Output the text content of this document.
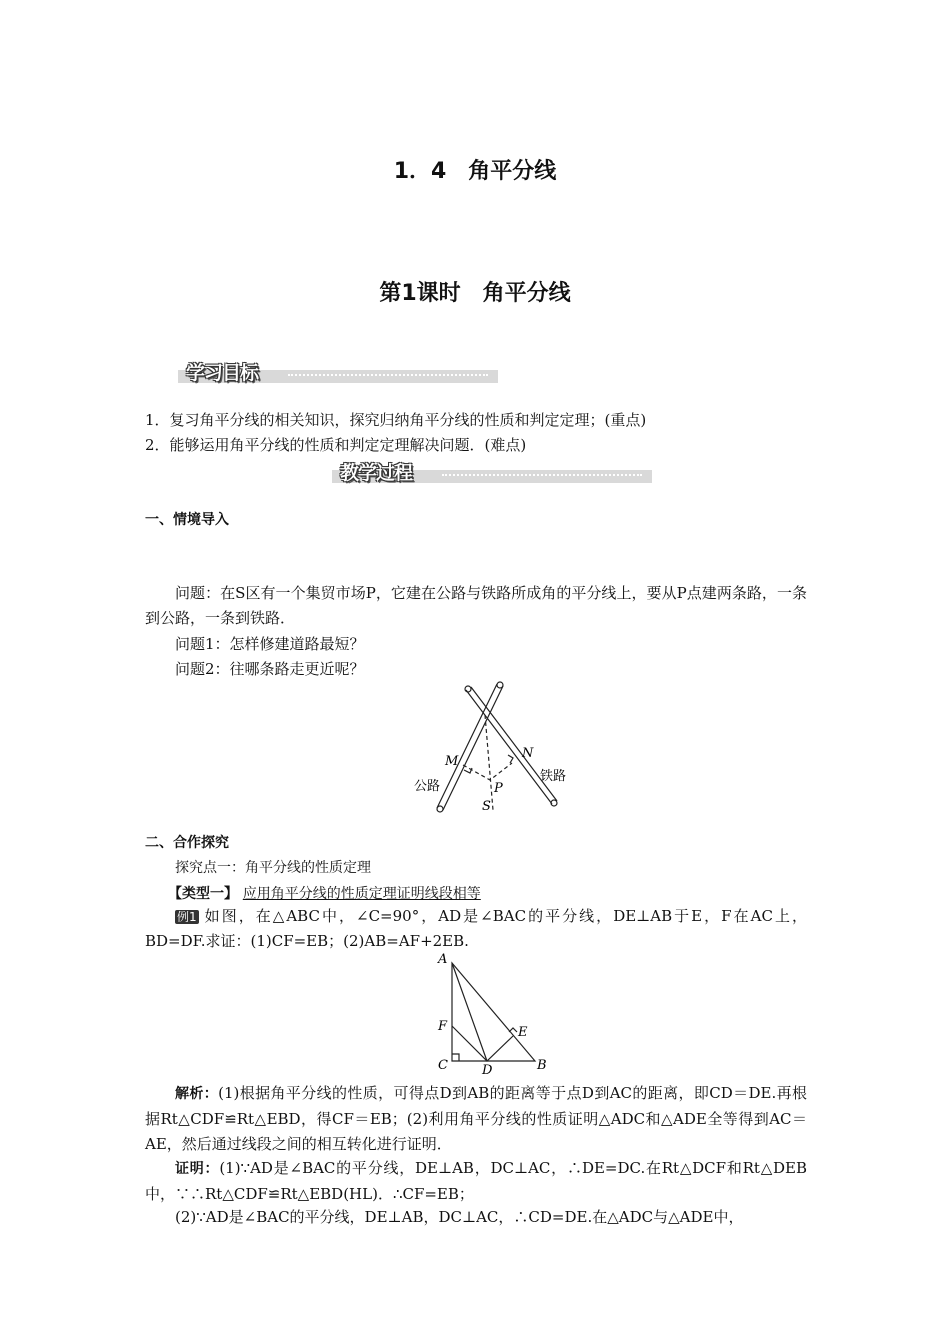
1．4　角平分线
第1课时　角平分线
学习目标
1．复习角平分线的相关知识，探究归纳角平分线的性质和判定定理；(重点)
2．能够运用角平分线的性质和判定定理解决问题．(难点)
教学过程
一、情境导入
问题：在S区有一个集贸市场P，它建在公路与铁路所成角的平分线上，要从P点建两条路，一条到公路，一条到铁路．
问题1：怎样修建道路最短？
问题2：往哪条路走更近呢？
M
N
P
S
公路
铁路
二、合作探究
探究点一：角平分线的性质定理
【类型一】 应用角平分线的性质定理证明线段相等
例1 如图，在△ABC中，∠C=90°，AD是∠BAC的平分线，DE⊥AB于E，F在AC上，BD=DF.求证：(1)CF=EB；(2)AB=AF+2EB.
A
F
C	D
E
B
解析：(1)根据角平分线的性质，可得点D到AB的距离等于点D到AC的距离，即CD＝DE.再根据Rt△CDF≌Rt△EBD，得CF＝EB；(2)利用角平分线的性质证明△ADC和△ADE全等得到AC＝AE，然后通过线段之间的相互转化进行证明．
证明：(1)∵AD是∠BAC的平分线，DE⊥AB，DC⊥AC，∴DE=DC.在Rt△DCF和Rt△DEB中，∵∴Rt△CDF≌Rt△EBD(HL)．∴CF=EB；
(2)∵AD是∠BAC的平分线，DE⊥AB，DC⊥AC，∴CD=DE.在△ADC与△ADE中，
